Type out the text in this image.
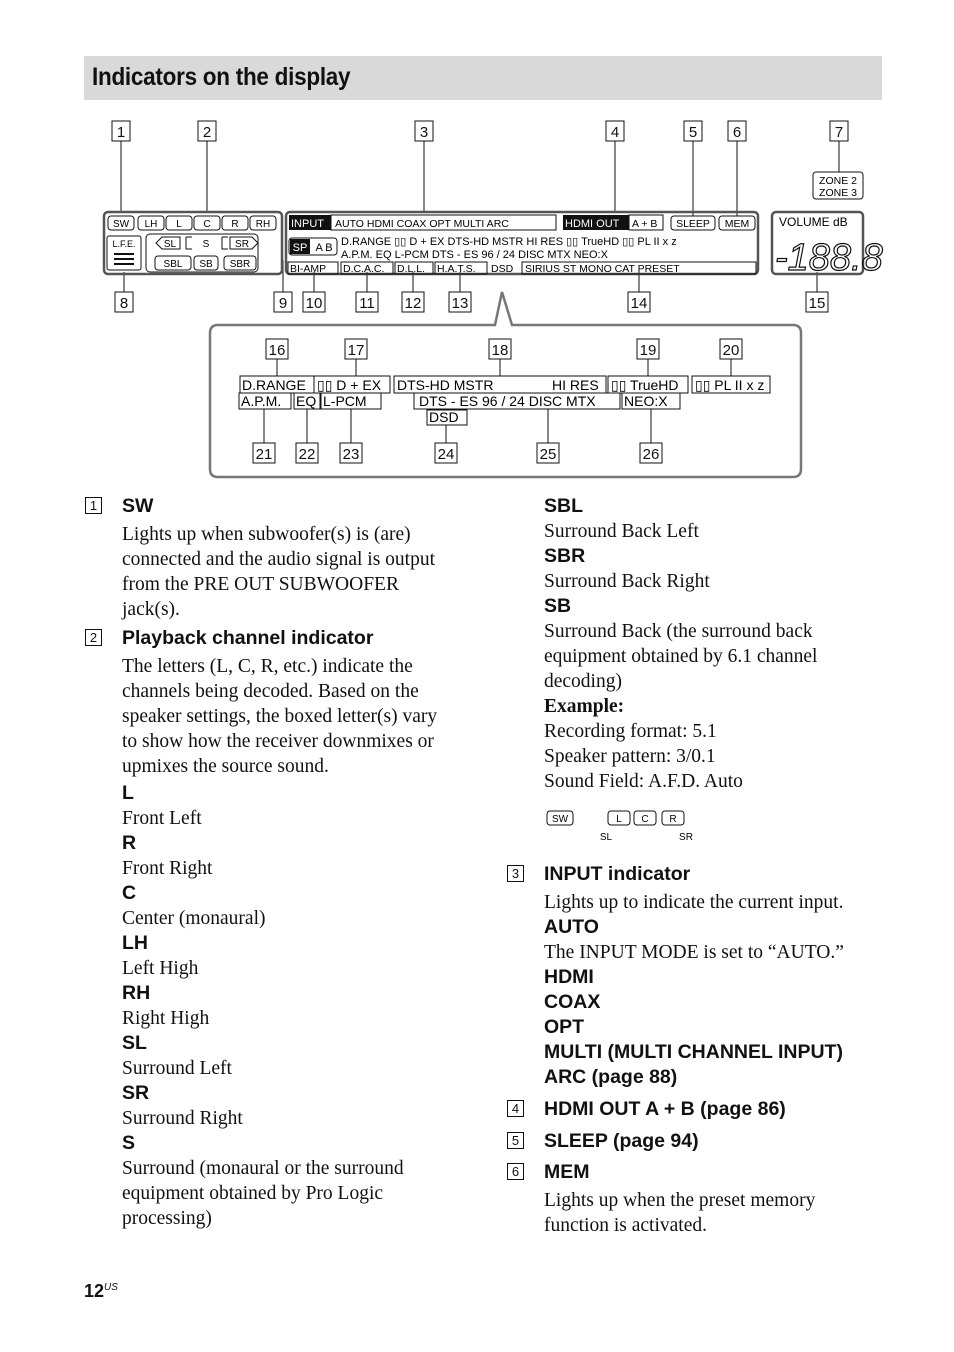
Indicators on the display
1	2	3	4	5 6	7
8	9 10 11 12 13	14	15
16	17	18	19	20
21 22 23	24	25	26
SW LH L C R RH
L.F.E.	SL	S	SR
SBL SB SBR
INPUT AUTO HDMI COAX OPT MULTI ARC	HDMI OUT A + B SLEEP MEM
SP A B D.RANGE ▯▯ D + EX DTS-HD MSTR HI RES ▯▯ TrueHD ▯▯ PL II x z
A.P.M. EQ L-PCM DTS - ES 96 / 24 DISC MTX NEO:X
BI-AMP D.C.A.C. D.L.L. H.A.T.S. DSD SIRIUS ST MONO CAT PRESET
ZONE 2
ZONE 3
VOLUME dB
-188.8
D.RANGE ▯▯ D + EX DTS-HD MSTR	HI RES ▯▯ TrueHD ▯▯ PL II x z
A.P.M. EQ L-PCM	DTS - ES 96 / 24 DISC MTX NEO:X
DSD
1 SW
Lights up when subwoofer(s) is (are)
connected and the audio signal is output
from the PRE OUT SUBWOOFER
jack(s).
2 Playback channel indicator
The letters (L, C, R, etc.) indicate the
channels being decoded. Based on the
speaker settings, the boxed letter(s) vary
to show how the receiver downmixes or
upmixes the source sound.
L
Front Left
R
Front Right
C
Center (monaural)
LH
Left High
RH
Right High
SL
Surround Left
SR
Surround Right
S
Surround (monaural or the surround
equipment obtained by Pro Logic
processing)
SBL
Surround Back Left
SBR
Surround Back Right
SB
Surround Back (the surround back
equipment obtained by 6.1 channel
decoding)
Example:
Recording format: 5.1
Speaker pattern: 3/0.1
Sound Field: A.F.D. Auto
SW	L C R
SL	SR
3 INPUT indicator
Lights up to indicate the current input.
AUTO
The INPUT MODE is set to “AUTO.”
HDMI
COAX
OPT
MULTI (MULTI CHANNEL INPUT)
ARC (page 88)
4 HDMI OUT A + B (page 86)
5 SLEEP (page 94)
6 MEM
Lights up when the preset memory
function is activated.
$12^{US}$
